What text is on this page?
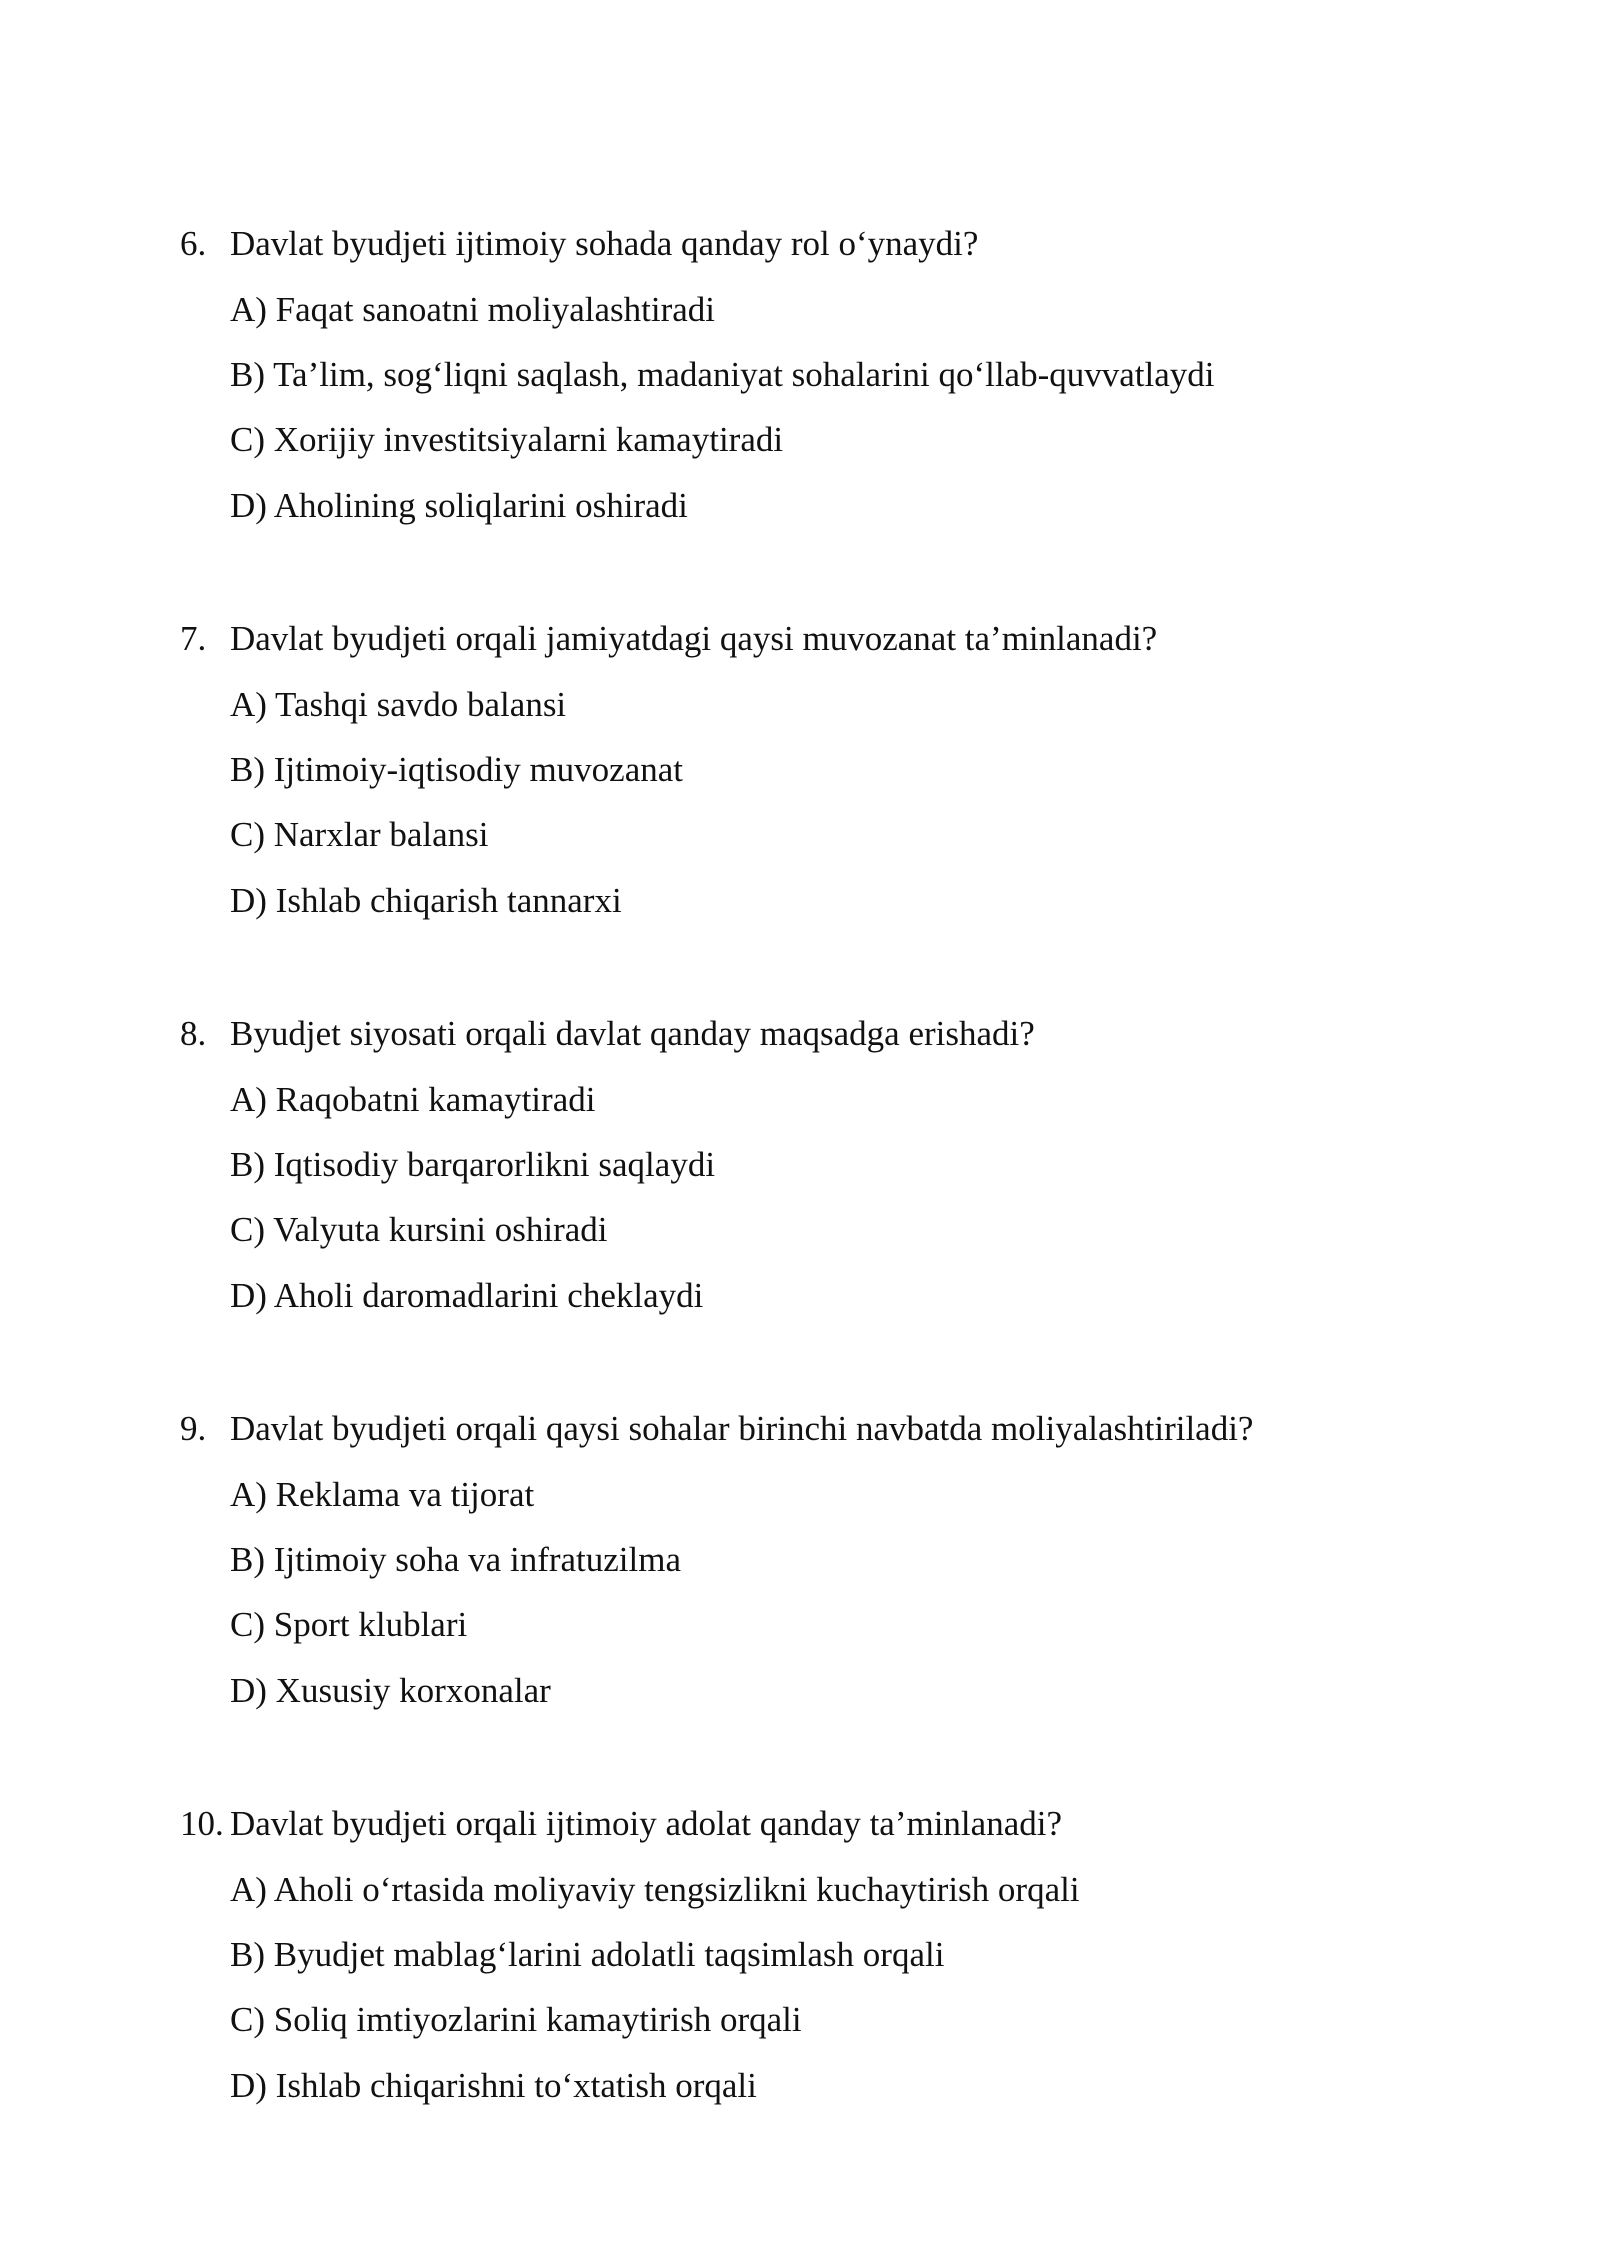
6. Davlat byudjeti ijtimoiy sohada qanday rol o‘ynaydi?
A) Faqat sanoatni moliyalashtiradi
B) Ta’lim, sog‘liqni saqlash, madaniyat sohalarini qo‘llab-quvvatlaydi
C) Xorijiy investitsiyalarni kamaytiradi
D) Aholining soliqlarini oshiradi
7. Davlat byudjeti orqali jamiyatdagi qaysi muvozanat ta’minlanadi?
A) Tashqi savdo balansi
B) Ijtimoiy-iqtisodiy muvozanat
C) Narxlar balansi
D) Ishlab chiqarish tannarxi
8. Byudjet siyosati orqali davlat qanday maqsadga erishadi?
A) Raqobatni kamaytiradi
B) Iqtisodiy barqarorlikni saqlaydi
C) Valyuta kursini oshiradi
D) Aholi daromadlarini cheklaydi
9. Davlat byudjeti orqali qaysi sohalar birinchi navbatda moliyalashtiriladi?
A) Reklama va tijorat
B) Ijtimoiy soha va infratuzilma
C) Sport klublari
D) Xususiy korxonalar
10. Davlat byudjeti orqali ijtimoiy adolat qanday ta’minlanadi?
A) Aholi o‘rtasida moliyaviy tengsizlikni kuchaytirish orqali
B) Byudjet mablag‘larini adolatli taqsimlash orqali
C) Soliq imtiyozlarini kamaytirish orqali
D) Ishlab chiqarishni to‘xtatish orqali
